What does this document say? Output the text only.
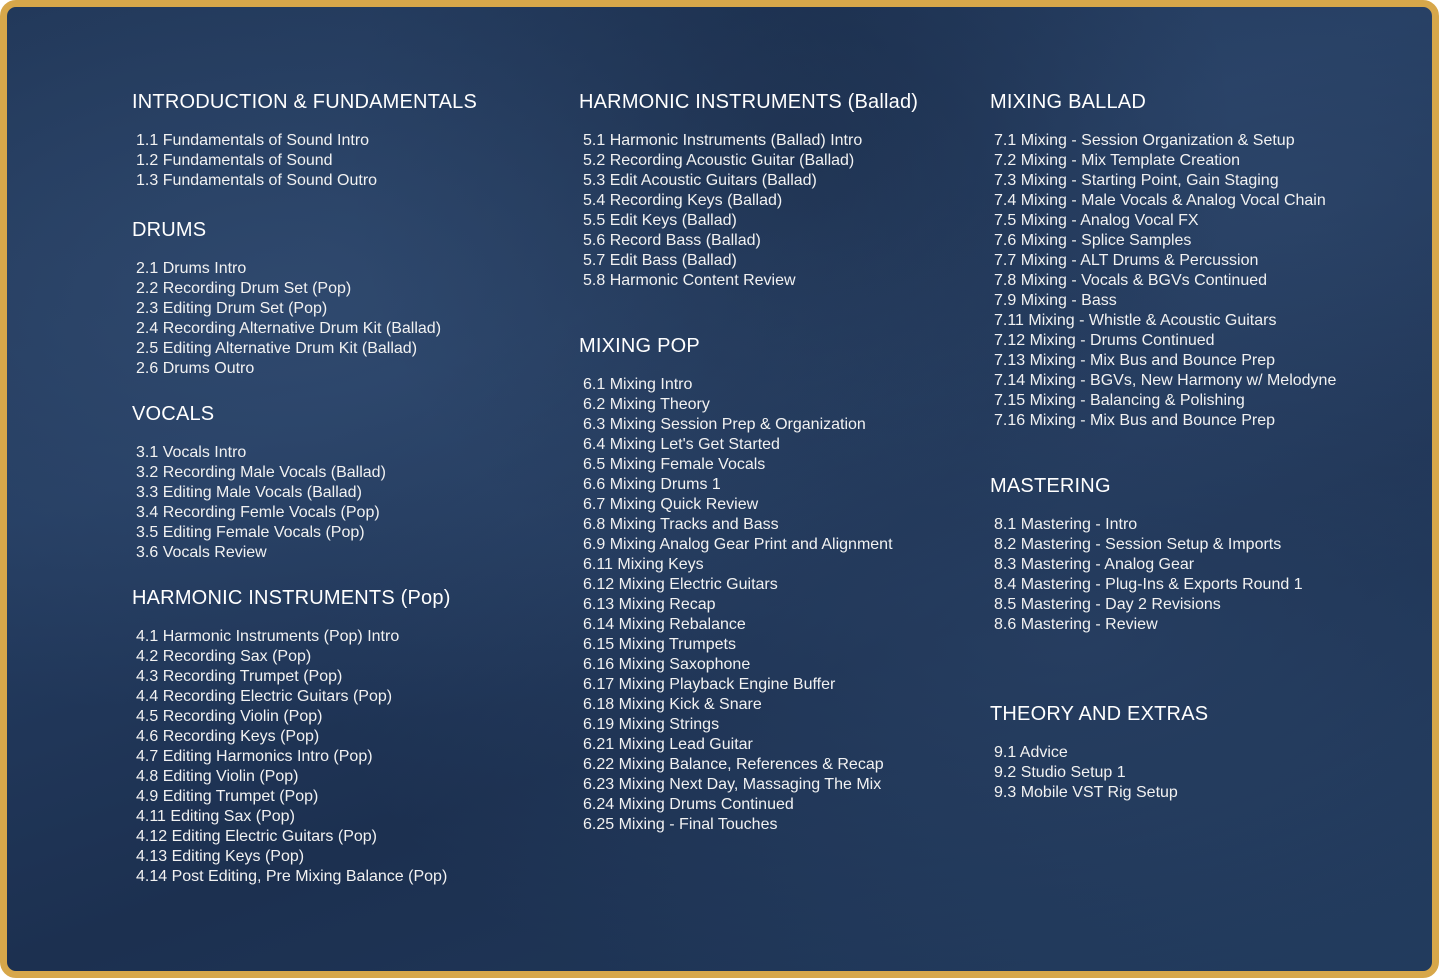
INTRODUCTION & FUNDAMENTALS
1.1 Fundamentals of Sound Intro
1.2 Fundamentals of Sound
1.3 Fundamentals of Sound Outro
DRUMS
2.1 Drums Intro
2.2 Recording Drum Set (Pop)
2.3 Editing Drum Set (Pop)
2.4 Recording Alternative Drum Kit (Ballad)
2.5 Editing Alternative Drum Kit (Ballad)
2.6 Drums Outro
VOCALS
3.1 Vocals Intro
3.2 Recording Male Vocals (Ballad)
3.3 Editing Male Vocals (Ballad)
3.4 Recording Femle Vocals (Pop)
3.5 Editing Female Vocals (Pop)
3.6 Vocals Review
HARMONIC INSTRUMENTS (Pop)
4.1 Harmonic Instruments (Pop) Intro
4.2 Recording Sax (Pop)
4.3 Recording Trumpet (Pop)
4.4 Recording Electric Guitars (Pop)
4.5 Recording Violin (Pop)
4.6 Recording Keys (Pop)
4.7 Editing Harmonics Intro (Pop)
4.8 Editing Violin (Pop)
4.9 Editing Trumpet (Pop)
4.11 Editing Sax (Pop)
4.12 Editing Electric Guitars (Pop)
4.13 Editing Keys (Pop)
4.14 Post Editing, Pre Mixing Balance (Pop)
HARMONIC INSTRUMENTS (Ballad)
5.1 Harmonic Instruments (Ballad) Intro
5.2 Recording Acoustic Guitar (Ballad)
5.3 Edit Acoustic Guitars (Ballad)
5.4 Recording Keys (Ballad)
5.5 Edit Keys (Ballad)
5.6 Record Bass (Ballad)
5.7 Edit Bass (Ballad)
5.8 Harmonic Content Review
MIXING POP
6.1 Mixing Intro
6.2 Mixing Theory
6.3 Mixing Session Prep & Organization
6.4 Mixing Let's Get Started
6.5 Mixing Female Vocals
6.6 Mixing Drums 1
6.7 Mixing Quick Review
6.8 Mixing Tracks and Bass
6.9 Mixing Analog Gear Print and Alignment
6.11 Mixing Keys
6.12 Mixing Electric Guitars
6.13 Mixing Recap
6.14 Mixing Rebalance
6.15 Mixing Trumpets
6.16 Mixing Saxophone
6.17 Mixing Playback Engine Buffer
6.18 Mixing Kick & Snare
6.19 Mixing Strings
6.21 Mixing Lead Guitar
6.22 Mixing Balance, References & Recap
6.23 Mixing Next Day, Massaging The Mix
6.24 Mixing Drums Continued
6.25 Mixing - Final Touches
MIXING BALLAD
7.1 Mixing - Session Organization & Setup
7.2 Mixing - Mix Template Creation
7.3 Mixing - Starting Point, Gain Staging
7.4 Mixing - Male Vocals & Analog Vocal Chain
7.5 Mixing - Analog Vocal FX
7.6 Mixing - Splice Samples
7.7 Mixing - ALT Drums & Percussion
7.8 Mixing - Vocals & BGVs Continued
7.9 Mixing - Bass
7.11 Mixing - Whistle & Acoustic Guitars
7.12 Mixing - Drums Continued
7.13 Mixing - Mix Bus and Bounce Prep
7.14 Mixing - BGVs, New Harmony w/ Melodyne
7.15 Mixing - Balancing & Polishing
7.16 Mixing - Mix Bus and Bounce Prep
MASTERING
8.1 Mastering - Intro
8.2 Mastering - Session Setup & Imports
8.3 Mastering - Analog Gear
8.4 Mastering - Plug-Ins & Exports Round 1
8.5 Mastering - Day 2 Revisions
8.6 Mastering - Review
THEORY AND EXTRAS
9.1 Advice
9.2 Studio Setup 1
9.3 Mobile VST Rig Setup
